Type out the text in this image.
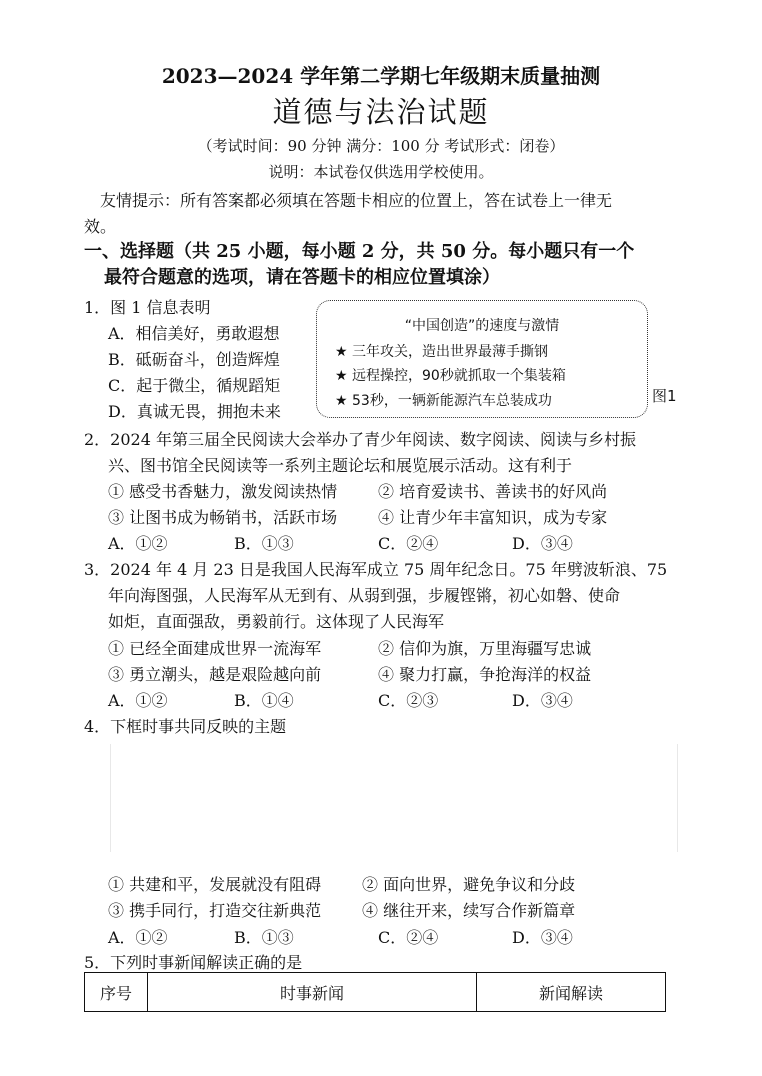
2023—2024 学年第二学期七年级期末质量抽测
道德与法治试题
（考试时间：90 分钟 满分：100 分 考试形式：闭卷）
说明：本试卷仅供选用学校使用。
友情提示：所有答案都必须填在答题卡相应的位置上，答在试卷上一律无
效。
一、选择题（共 25 小题，每小题 2 分，共 50 分。每小题只有一个
最符合题意的选项，请在答题卡的相应位置填涂）
1．图 1 信息表明
A．相信美好，勇敢遐想
B．砥砺奋斗，创造辉煌
C．起于微尘，循规蹈矩
D．真诚无畏，拥抱未来
“中国创造”的速度与激情
★ 三年攻关，造出世界最薄手撕钢
★ 远程操控，90秒就抓取一个集装箱
★ 53秒，一辆新能源汽车总装成功	图1
2．2024 年第三届全民阅读大会举办了青少年阅读、数字阅读、阅读与乡村振
兴、图书馆全民阅读等一系列主题论坛和展览展示活动。这有利于
① 感受书香魅力，激发阅读热情	② 培育爱读书、善读书的好风尚
③ 让图书成为畅销书，活跃市场	④ 让青少年丰富知识，成为专家
A．①②	B．①③	C．②④	D．③④
3．2024 年 4 月 23 日是我国人民海军成立 75 周年纪念日。75 年劈波斩浪、75
年向海图强，人民海军从无到有、从弱到强，步履铿锵，初心如磐、使命
如炬，直面强敌，勇毅前行。这体现了人民海军
① 已经全面建成世界一流海军	② 信仰为旗，万里海疆写忠诚
③ 勇立潮头，越是艰险越向前	④ 聚力打赢，争抢海洋的权益
A．①②	B．①④	C．②③	D．③④
4．下框时事共同反映的主题
① 共建和平，发展就没有阻碍	② 面向世界，避免争议和分歧
③ 携手同行，打造交往新典范	④ 继往开来，续写合作新篇章
A．①②	B．①③	C．②④	D．③④
5．下列时事新闻解读正确的是
序号	时事新闻	新闻解读
